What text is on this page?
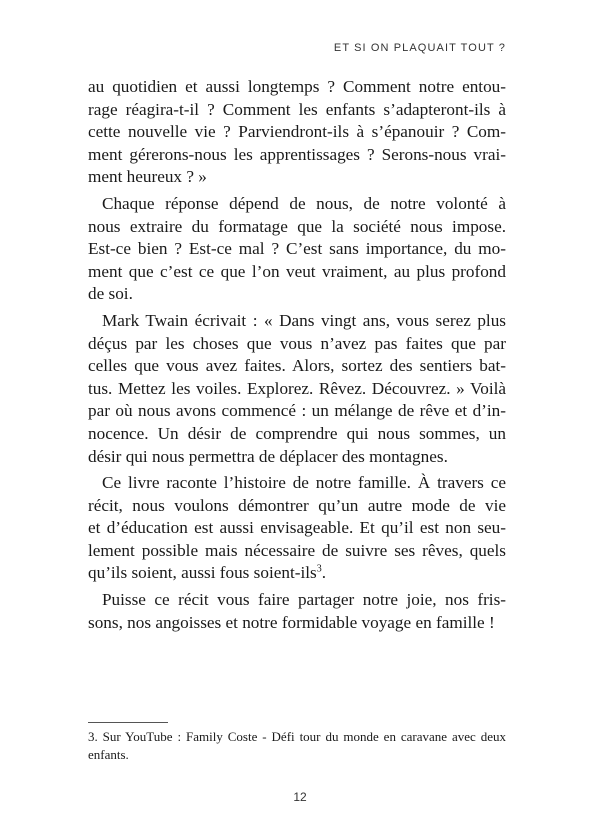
ET SI ON PLAQUAIT TOUT ?
au quotidien et aussi longtemps ? Comment notre entou-
rage réagira-t-il ? Comment les enfants s’adapteront-ils à
cette nouvelle vie ? Parviendront-ils à s’épanouir ? Com-
ment gérerons-nous les apprentissages ? Serons-nous vrai-
ment heureux ? »
Chaque réponse dépend de nous, de notre volonté à
nous extraire du formatage que la société nous impose.
Est-ce bien ? Est-ce mal ? C’est sans importance, du mo-
ment que c’est ce que l’on veut vraiment, au plus profond
de soi.
Mark Twain écrivait : « Dans vingt ans, vous serez plus
déçus par les choses que vous n’avez pas faites que par
celles que vous avez faites. Alors, sortez des sentiers bat-
tus. Mettez les voiles. Explorez. Rêvez. Découvrez. » Voilà
par où nous avons commencé : un mélange de rêve et d’in-
nocence. Un désir de comprendre qui nous sommes, un
désir qui nous permettra de déplacer des montagnes.
Ce livre raconte l’histoire de notre famille. À travers ce
récit, nous voulons démontrer qu’un autre mode de vie
et d’éducation est aussi envisageable. Et qu’il est non seu-
lement possible mais nécessaire de suivre ses rêves, quels
qu’ils soient, aussi fous soient-ils$^3$.
Puisse ce récit vous faire partager notre joie, nos fris-
sons, nos angoisses et notre formidable voyage en famille !
3. Sur YouTube : Family Coste - Défi tour du monde en caravane avec deux
enfants.
12
